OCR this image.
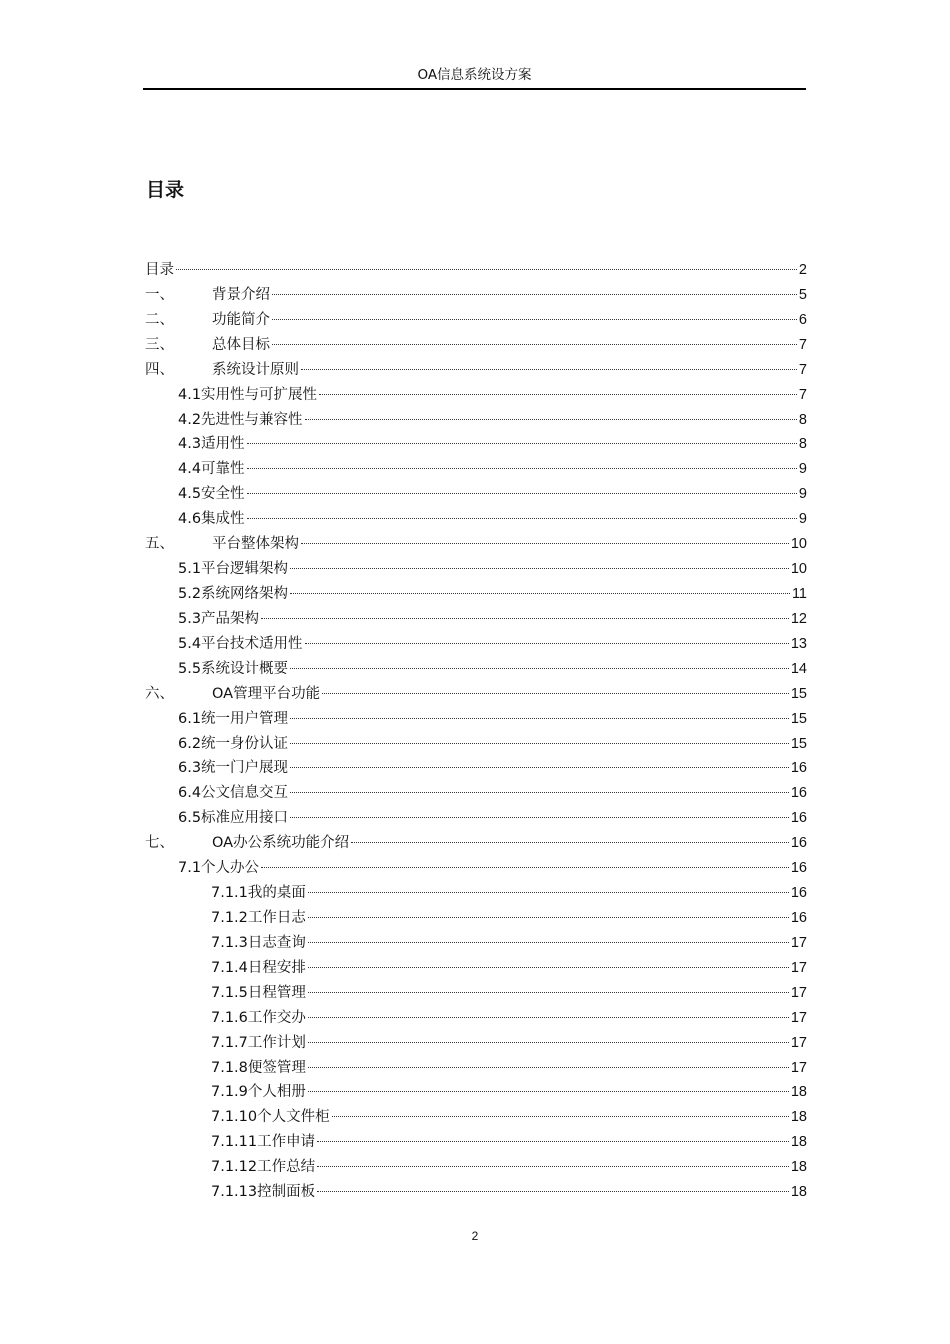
OA信息系统设方案
目录
目录	2
一、	背景介绍	5
二、	功能简介	6
三、	总体目标	7
四、	系统设计原则	7
4.1实用性与可扩展性	7
4.2先进性与兼容性	8
4.3适用性	8
4.4可靠性	9
4.5安全性	9
4.6集成性	9
五、	平台整体架构	10
5.1平台逻辑架构	10
5.2系统网络架构	11
5.3产品架构	12
5.4平台技术适用性	13
5.5系统设计概要	14
六、	OA管理平台功能	15
6.1统一用户管理	15
6.2统一身份认证	15
6.3统一门户展现	16
6.4公文信息交互	16
6.5标准应用接口	16
七、	OA办公系统功能介绍	16
7.1个人办公	16
7.1.1我的桌面	16
7.1.2工作日志	16
7.1.3日志查询	17
7.1.4日程安排	17
7.1.5日程管理	17
7.1.6工作交办	17
7.1.7工作计划	17
7.1.8便签管理	17
7.1.9个人相册	18
7.1.10个人文件柜	18
7.1.11工作申请	18
7.1.12工作总结	18
7.1.13控制面板	18
2
